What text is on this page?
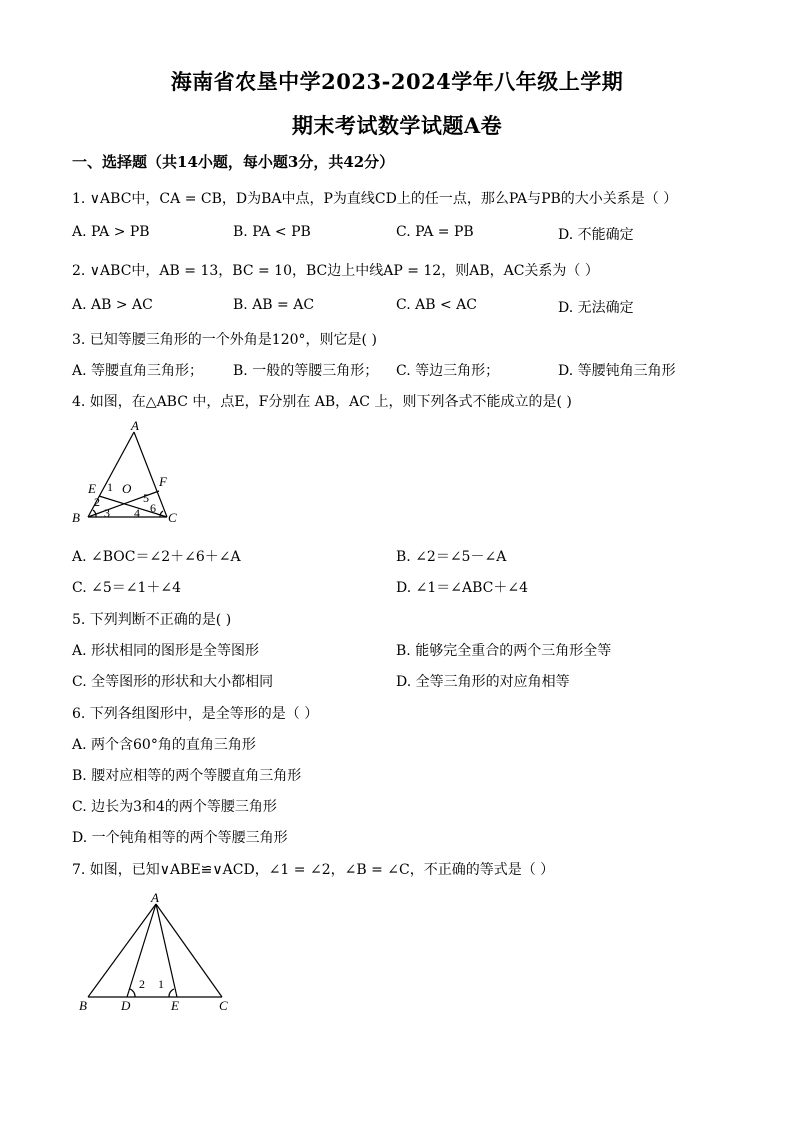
海南省农垦中学2023-2024学年八年级上学期
期末考试数学试题A卷
一、选择题（共14小题，每小题3分，共42分）
1. ∨ABC中，CA = CB，D为BA中点，P为直线CD上的任一点，那么PA与PB的大小关系是（ ）
A. PA > PB	B. PA < PB	C. PA = PB	D. 不能确定
2. ∨ABC中，AB = 13，BC = 10，BC边上中线AP = 12，则AB，AC关系为（ ）
A. AB > AC	B. AB = AC	C. AB < AC	D. 无法确定
3. 已知等腰三角形的一个外角是120°，则它是( )
A. 等腰直角三角形； B. 一般的等腰三角形； C. 等边三角形；	D. 等腰钝角三角形
4. 如图，在△ABC 中，点E，F分别在 AB，AC 上，则下列各式不能成立的是( )
A
E	F
O
B	C
1
2
3 4
5
6
A. ∠BOC＝∠2＋∠6＋∠A	B. ∠2＝∠5－∠A
C. ∠5＝∠1＋∠4	D. ∠1＝∠ABC＋∠4
5. 下列判断不正确的是( )
A. 形状相同的图形是全等图形	B. 能够完全重合的两个三角形全等
C. 全等图形的形状和大小都相同	D. 全等三角形的对应角相等
6. 下列各组图形中，是全等形的是（ ）
A. 两个含60°角的直角三角形
B. 腰对应相等的两个等腰直角三角形
C. 边长为3和4的两个等腰三角形
D. 一个钝角相等的两个等腰三角形
7. 如图，已知∨ABE≌∨ACD，∠1 = ∠2，∠B = ∠C，不正确的等式是（ ）
A
B	D	E	C
2 1
